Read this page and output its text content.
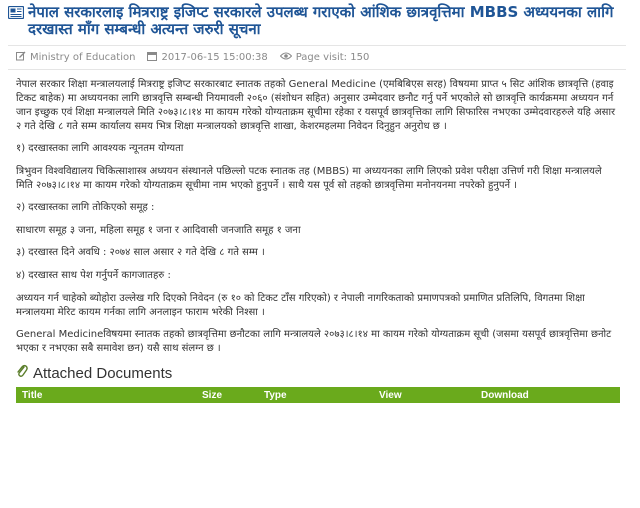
नेपाल सरकारलाइ मित्रराष्ट्र इजिप्ट सरकारले उपलब्ध गराएको आंशिक छात्रवृत्तिमा MBBS अध्ययनका लागि दरखास्त माँग सम्बन्धी अत्यन्त जरुरी सूचना
Ministry of Education	2017-06-15 15:00:38	Page visit: 150

नेपाल सरकार शिक्षा मन्त्रालयलाई मित्रराष्ट्र इजिप्ट सरकारबाट स्नातक तहको General Medicine (एमबिबिएस सरह) विषयमा प्राप्त ५ सिट आंशिक छात्रवृत्ति (हवाइ टिकट बाहेक) मा अध्ययनका लागि छात्रवृत्ति सम्बन्धी नियमावली २०६० (संशोधन सहित) अनुसार उम्मेदवार छनौट गर्नु पर्ने भएकोले सो छात्रवृत्ति कार्यक्रममा अध्ययन गर्न जान इच्छुक एवं शिक्षा मन्त्रालयले मिति २०७३।८।१४ मा कायम गरेको योग्यताक्रम सूचीमा रहेका र यसपूर्व छात्रवृत्तिका लागि सिफारिस नभएका उम्मेदवारहरुले यहि असार २ गते देखि ८ गते सम्म कार्यालय समय भित्र शिक्षा मन्त्रालयको छात्रवृत्ति शाखा, केशरमहलमा निवेदन दिनुहुन अनुरोध छ ।

१) दरखास्तका लागि आवश्यक न्यूनतम योग्यता

त्रिभुवन विश्वविद्यालय चिकित्साशास्त्र अध्ययन संस्थानले पछिल्लो पटक स्नातक तह (MBBS) मा अध्ययनका लागि लिएको प्रवेश परीक्षा उत्तिर्ण गरी शिक्षा मन्त्रालयले मिति २०७३।८।१४ मा कायम गरेको योग्यताक्रम सूचीमा नाम भएको हुनुपर्ने । साथै यस पूर्व सो तहको छात्रवृत्तिमा मनोनयनमा नपरेको हुनुपर्ने ।

२) दरखास्तका लागि तोकिएको समूह :

साधारण समूह ३ जना, महिला समूह १ जना र आदिवासी जनजाति समूह १ जना

३) दरखास्त दिने अवधि : २०७४ साल असार २ गते देखि ८ गते सम्म ।

४) दरखास्त साथ पेश गर्नुपर्ने कागजातहरु :

अध्ययन गर्न चाहेको ब्योहोरा उल्लेख गरि दिएको निवेदन (रु १० को टिकट टाँस गरिएको) र नेपाली नागरिकताको प्रमाणपत्रको प्रमाणित प्रतिलिपि, विगतमा शिक्षा मन्त्रालयमा मेरिट कायम गर्नका लागि अनलाइन फाराम भरेकी निश्सा ।

General Medicineविषयमा स्नातक तहको छात्रवृत्तिमा छनौटका लागि मन्त्रालयले २०७३।८।१४ मा कायम गरेको योग्यताक्रम सूची (जसमा यसपूर्व छात्रवृत्तिमा छनोट भएका र नभएका सबै समावेश छन) यसै साथ संलग्न छ ।

Attached Documents
Title	Size	Type	View	Download
